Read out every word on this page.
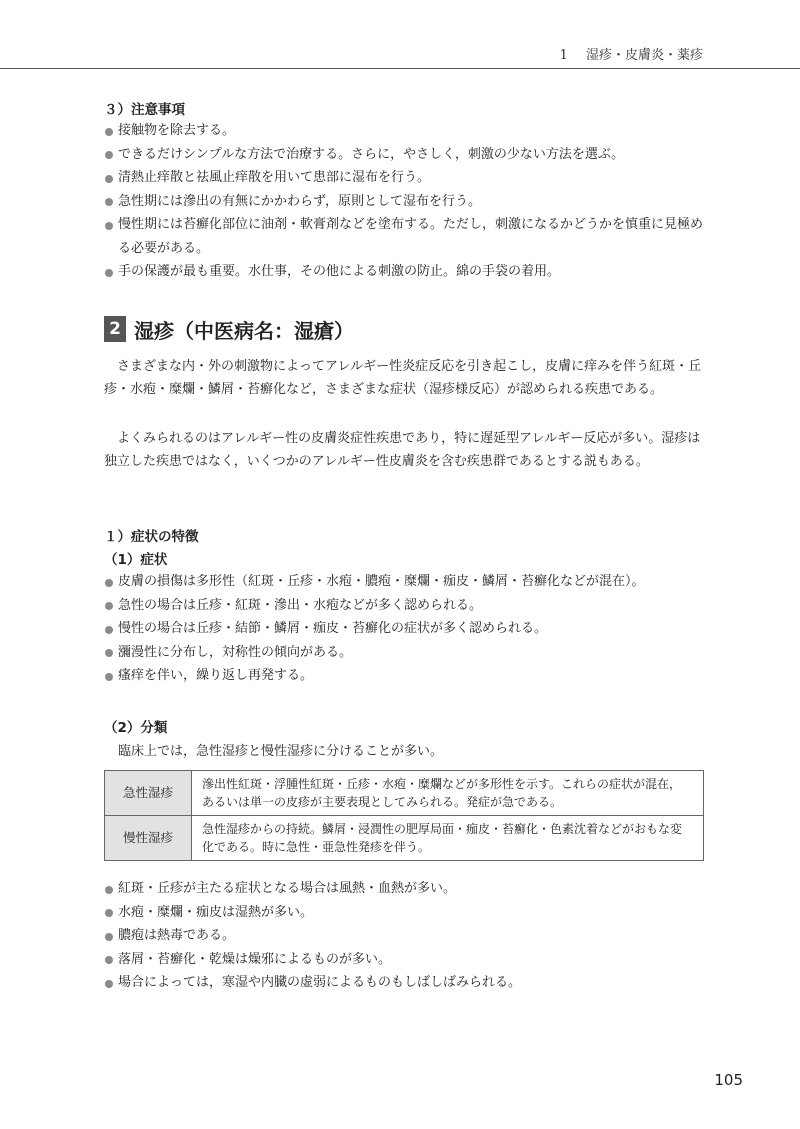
1 湿疹・皮膚炎・薬疹
３）注意事項
接触物を除去する。
できるだけシンプルな方法で治療する。さらに，やさしく，刺激の少ない方法を選ぶ。
清熱止痒散と祛風止痒散を用いて患部に湿布を行う。
急性期には滲出の有無にかかわらず，原則として湿布を行う。
慢性期には苔癬化部位に油剤・軟膏剤などを塗布する。ただし，刺激になるかどうかを慎重に見極める必要がある。
手の保護が最も重要。水仕事，その他による刺激の防止。綿の手袋の着用。
2 湿疹（中医病名：湿瘡）

さまざまな内・外の刺激物によってアレルギー性炎症反応を引き起こし，皮膚に痒みを伴う紅斑・丘疹・水疱・糜爛・鱗屑・苔癬化など，さまざまな症状（湿疹様反応）が認められる疾患である。

よくみられるのはアレルギー性の皮膚炎症性疾患であり，特に遅延型アレルギー反応が多い。湿疹は独立した疾患ではなく，いくつかのアレルギー性皮膚炎を含む疾患群であるとする説もある。

１）症状の特徴
（1）症状
皮膚の損傷は多形性（紅斑・丘疹・水疱・膿疱・糜爛・痂皮・鱗屑・苔癬化などが混在）。
急性の場合は丘疹・紅斑・滲出・水疱などが多く認められる。
慢性の場合は丘疹・結節・鱗屑・痂皮・苔癬化の症状が多く認められる。
瀰漫性に分布し，対称性の傾向がある。
瘙痒を伴い，繰り返し再発する。
（2）分類
臨床上では，急性湿疹と慢性湿疹に分けることが多い。
急性湿疹	滲出性紅斑・浮腫性紅斑・丘疹・水疱・糜爛などが多形性を示す。これらの症状が混在，あるいは単一の皮疹が主要表現としてみられる。発症が急である。
慢性湿疹	急性湿疹からの持続。鱗屑・浸潤性の肥厚局面・痂皮・苔癬化・色素沈着などがおもな変化である。時に急性・亜急性発疹を伴う。
紅斑・丘疹が主たる症状となる場合は風熱・血熱が多い。
水疱・糜爛・痂皮は湿熱が多い。
膿疱は熱毒である。
落屑・苔癬化・乾燥は燥邪によるものが多い。
場合によっては，寒湿や内臓の虚弱によるものもしばしばみられる。
105
